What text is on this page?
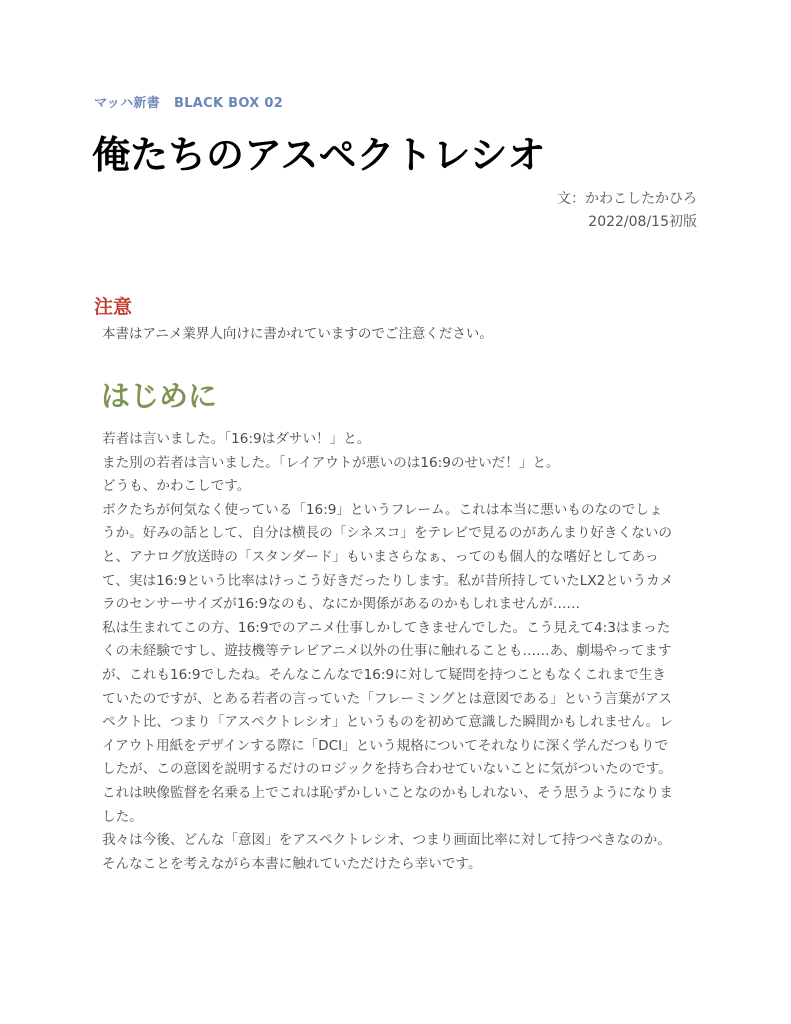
マッハ新書 BLACK BOX 02
俺たちのアスペクトレシオ
文：かわこしたかひろ
2022/08/15初版
注意
本書はアニメ業界人向けに書かれていますのでご注意ください。
はじめに
若者は言いました。「16:9はダサい！」と。
また別の若者は言いました。「レイアウトが悪いのは16:9のせいだ！」と。
どうも、かわこしです。
ボクたちが何気なく使っている「16:9」というフレーム。これは本当に悪いものなのでしょ
うか。好みの話として、自分は横長の「シネスコ」をテレビで見るのがあんまり好きくないの
と、アナログ放送時の「スタンダード」もいまさらなぁ、ってのも個人的な嗜好としてあっ
て、実は16:9という比率はけっこう好きだったりします。私が昔所持していたLX2というカメ
ラのセンサーサイズが16:9なのも、なにか関係があるのかもしれませんが……
私は生まれてこの方、16:9でのアニメ仕事しかしてきませんでした。こう見えて4:3はまった
くの未経験ですし、遊技機等テレビアニメ以外の仕事に触れることも……あ、劇場やってます
が、これも16:9でしたね。そんなこんなで16:9に対して疑問を持つこともなくこれまで生き
ていたのですが、とある若者の言っていた「フレーミングとは意図である」という言葉がアス
ペクト比、つまり「アスペクトレシオ」というものを初めて意識した瞬間かもしれません。レ
イアウト用紙をデザインする際に「DCI」という規格についてそれなりに深く学んだつもりで
したが、この意図を説明するだけのロジックを持ち合わせていないことに気がついたのです。
これは映像監督を名乗る上でこれは恥ずかしいことなのかもしれない、そう思うようになりま
した。
我々は今後、どんな「意図」をアスペクトレシオ、つまり画面比率に対して持つべきなのか。
そんなことを考えながら本書に触れていただけたら幸いです。
